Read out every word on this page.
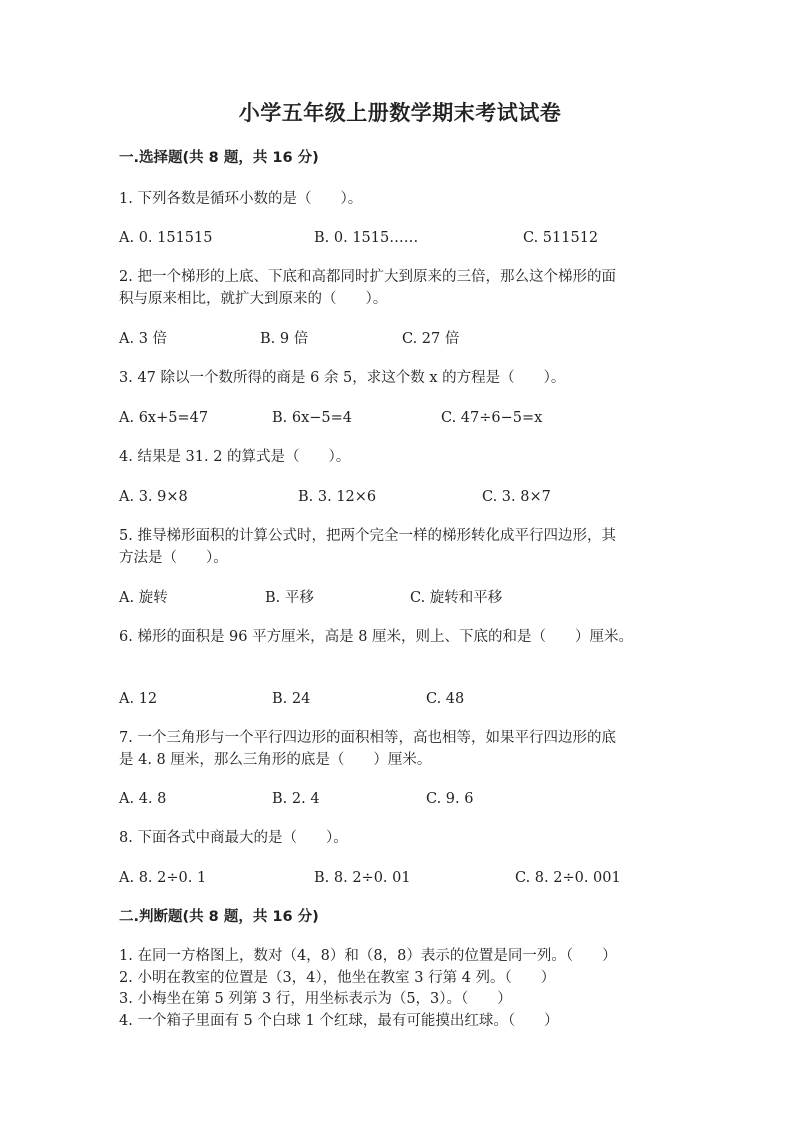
小学五年级上册数学期末考试试卷
一.选择题(共 8 题，共 16 分)
1. 下列各数是循环小数的是（　　）。
A. 0. 151515	B. 0. 1515……	C. 511512
2. 把一个梯形的上底、下底和高都同时扩大到原来的三倍，那么这个梯形的面
积与原来相比，就扩大到原来的（　　）。
A. 3 倍	B. 9 倍	C. 27 倍
3. 47 除以一个数所得的商是 6 余 5，求这个数 x 的方程是（　　）。
A. 6x+5=47	B. 6x−5=4	C. 47÷6−5=x
4. 结果是 31. 2 的算式是（　　）。
A. 3. 9×8	B. 3. 12×6	C. 3. 8×7
5. 推导梯形面积的计算公式时，把两个完全一样的梯形转化成平行四边形，其
方法是（　　）。
A. 旋转	B. 平移	C. 旋转和平移
6. 梯形的面积是 96 平方厘米，高是 8 厘米，则上、下底的和是（　　）厘米。
A. 12	B. 24	C. 48
7. 一个三角形与一个平行四边形的面积相等，高也相等，如果平行四边形的底
是 4. 8 厘米，那么三角形的底是（　　）厘米。
A. 4. 8	B. 2. 4	C. 9. 6
8. 下面各式中商最大的是（　　）。
A. 8. 2÷0. 1	B. 8. 2÷0. 01	C. 8. 2÷0. 001
二.判断题(共 8 题，共 16 分)
1. 在同一方格图上，数对（4，8）和（8，8）表示的位置是同一列。（　　）
2. 小明在教室的位置是（3，4），他坐在教室 3 行第 4 列。（　　）
3. 小梅坐在第 5 列第 3 行，用坐标表示为（5，3）。（　　）
4. 一个箱子里面有 5 个白球 1 个红球，最有可能摸出红球。（　　）
